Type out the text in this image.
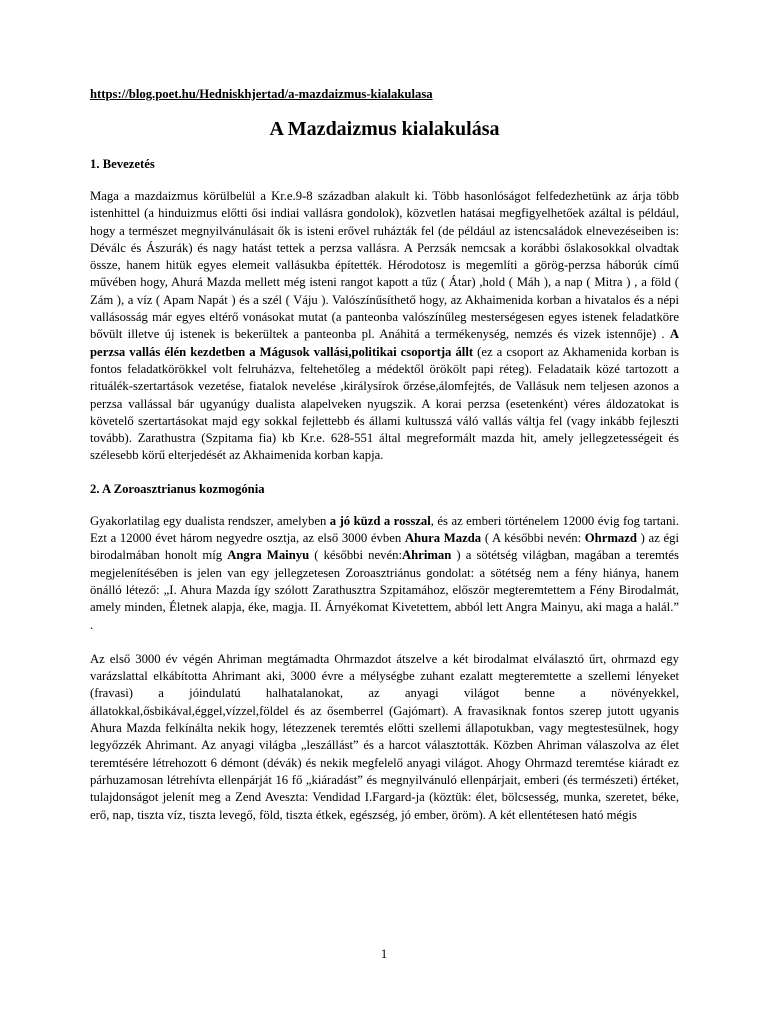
https://blog.poet.hu/Hedniskhjertad/a-mazdaizmus-kialakulasa
A Mazdaizmus kialakulása
1. Bevezetés

Maga a mazdaizmus körülbelül a Kr.e.9-8 században alakult ki. Több hasonlóságot felfedezhetünk az árja több istenhittel (a hinduizmus előtti ősi indiai vallásra gondolok), közvetlen hatásai megfigyelhetőek azáltal is például, hogy a természet megnyilvánulásait ők is isteni erővel ruházták fel (de például az istencsaládok elnevezéseiben is: Déválc és Ászurák) és nagy hatást tettek a perzsa vallásra. A Perzsák nemcsak a korábbi őslakosokkal olvadtak össze, hanem hitük egyes elemeit vallásukba építették. Hérodotosz is megemlíti a görög-perzsa háborúk című művében hogy, Ahurá Mazda mellett még isteni rangot kapott a tűz ( Átar) ,hold ( Máh ), a nap ( Mitra ) , a föld ( Zám ), a víz ( Apam Napát ) és a szél ( Váju ). Valószínűsíthető hogy, az Akhaimenida korban a hivatalos és a népi vallásosság már egyes eltérő vonásokat mutat (a panteonba valószínűleg mesterségesen egyes istenek feladatköre bővült illetve új istenek is bekerültek a panteonba pl. Anáhitá a termékenység, nemzés és vizek istennője) . A perzsa vallás élén kezdetben a Mágusok vallási,politikai csoportja állt (ez a csoport az Akhamenida korban is fontos feladatkörökkel volt felruházva, feltehetőleg a médektől örökölt papi réteg). Feladataik közé tartozott a rituálék-szertartások vezetése, fiatalok nevelése ,királysírok őrzése,álomfejtés, de Vallásuk nem teljesen azonos a perzsa vallással bár ugyanúgy dualista alapelveken nyugszik. A korai perzsa (esetenként) véres áldozatokat is követelő szertartásokat majd egy sokkal fejlettebb és állami kultusszá váló vallás váltja fel (vagy inkább fejleszti tovább). Zarathustra (Szpitama fia) kb Kr.e. 628-551 által megreformált mazda hit, amely jellegzetességeit és szélesebb körű elterjedését az Akhaimenida korban kapja.

2. A Zoroasztrianus kozmogónia

Gyakorlatilag egy dualista rendszer, amelyben a jó küzd a rosszal, és az emberi történelem 12000 évig fog tartani. Ezt a 12000 évet három negyedre osztja, az első 3000 évben Ahura Mazda ( A későbbi nevén: Ohrmazd ) az égi birodalmában honolt míg Angra Mainyu ( későbbi nevén:Ahriman ) a sötétség világban, magában a teremtés megjelenítésében is jelen van egy jellegzetesen Zoroasztriánus gondolat: a sötétség nem a fény hiánya, hanem önálló létező: „I. Ahura Mazda így szólott Zarathusztra Szpitamához, először megteremtettem a Fény Birodalmát, amely minden, Életnek alapja, éke, magja. II. Árnyékomat Kivetettem, abból lett Angra Mainyu, aki maga a halál.” .

Az első 3000 év végén Ahriman megtámadta Ohrmazdot átszelve a két birodalmat elválasztó űrt, ohrmazd egy varázslattal elkábította Ahrimant aki, 3000 évre a mélységbe zuhant ezalatt megteremtette a szellemi lényeket (fravasi) a jóindulatú halhatalanokat, az anyagi világot benne a növényekkel, állatokkal,ősbikával,éggel,vízzel,földel és az ősemberrel (Gajómart). A fravasiknak fontos szerep jutott ugyanis Ahura Mazda felkínálta nekik hogy, létezzenek teremtés előtti szellemi állapotukban, vagy megtestesülnek, hogy legyőzzék Ahrimant. Az anyagi világba „leszállást” és a harcot választották. Közben Ahriman válaszolva az élet teremtésére létrehozott 6 démont (dévák) és nekik megfelelő anyagi világot. Ahogy Ohrmazd teremtése kiáradt ez párhuzamosan létrehívta ellenpárját 16 fő „kiáradást” és megnyilvánuló ellenpárjait, emberi (és természeti) értéket, tulajdonságot jelenít meg a Zend Aveszta: Vendidad I.Fargard-ja (köztük: élet, bölcsesség, munka, szeretet, béke, erő, nap, tiszta víz, tiszta levegő, föld, tiszta étkek, egészség, jó ember, öröm). A két ellentétesen ható mégis

1
